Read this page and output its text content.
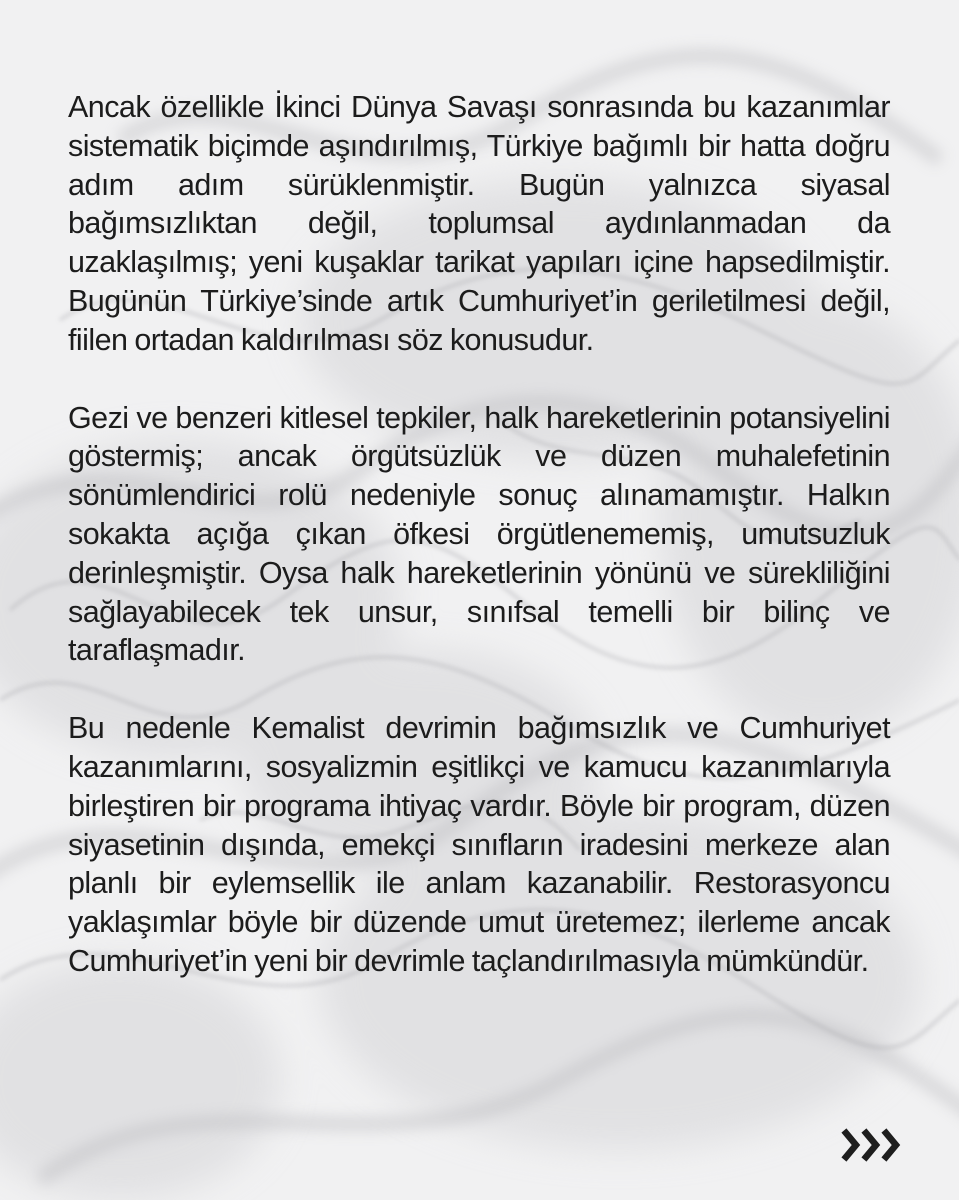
Ancak özellikle İkinci Dünya Savaşı sonrasında bu kazanımlar sistematik biçimde aşındırılmış, Türkiye bağımlı bir hatta doğru adım adım sürüklenmiştir. Bugün yalnızca siyasal bağımsızlıktan değil, toplumsal aydınlanmadan da uzaklaşılmış; yeni kuşaklar tarikat yapıları içine hapsedilmiştir. Bugünün Türkiye’sinde artık Cumhuriyet’in geriletilmesi değil, fiilen ortadan kaldırılması söz konusudur.

Gezi ve benzeri kitlesel tepkiler, halk hareketlerinin potansiyelini göstermiş; ancak örgütsüzlük ve düzen muhalefetinin sönümlendirici rolü nedeniyle sonuç alınamamıştır. Halkın sokakta açığa çıkan öfkesi örgütlenememiş, umutsuzluk derinleşmiştir. Oysa halk hareketlerinin yönünü ve sürekliliğini sağlayabilecek tek unsur, sınıfsal temelli bir bilinç ve taraflaşmadır.

Bu nedenle Kemalist devrimin bağımsızlık ve Cumhuriyet kazanımlarını, sosyalizmin eşitlikçi ve kamucu kazanımlarıyla birleştiren bir programa ihtiyaç vardır. Böyle bir program, düzen siyasetinin dışında, emekçi sınıfların iradesini merkeze alan planlı bir eylemsellik ile anlam kazanabilir. Restorasyoncu yaklaşımlar böyle bir düzende umut üretemez; ilerleme ancak Cumhuriyet’in yeni bir devrimle taçlandırılmasıyla mümkündür.
